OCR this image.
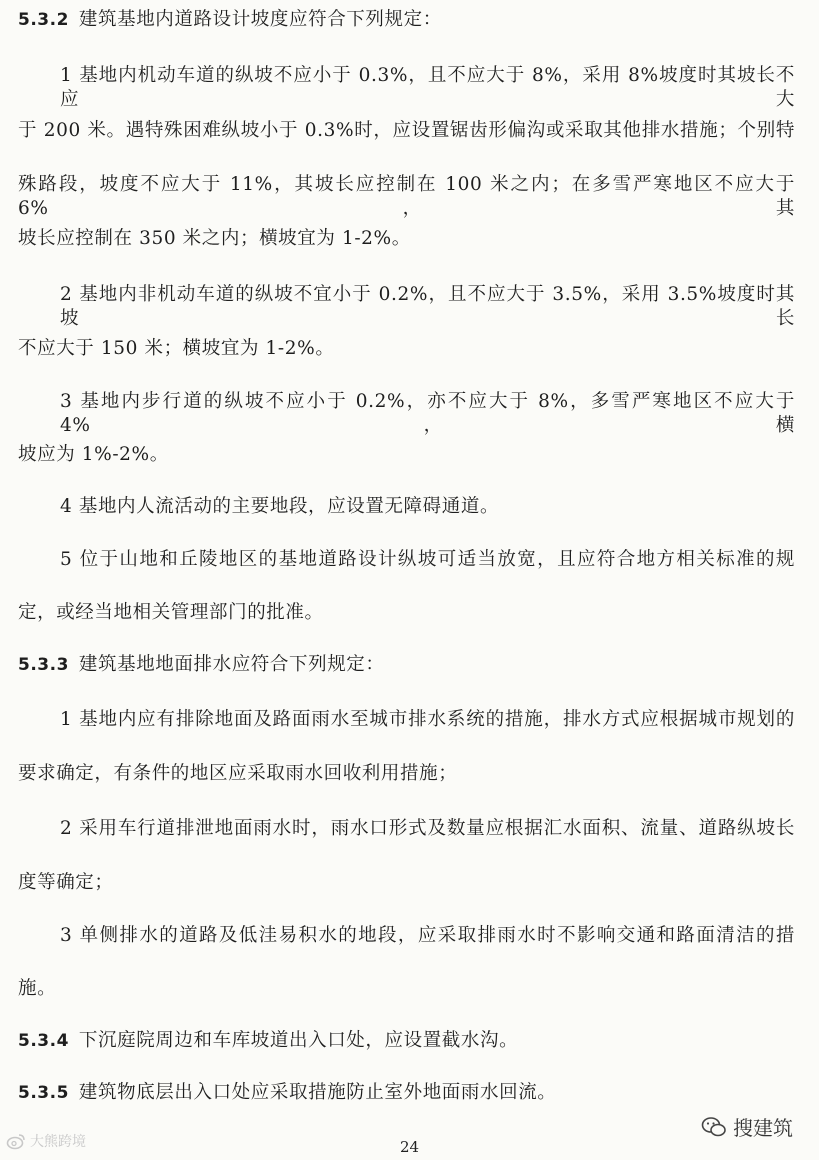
5.3.2 建筑基地内道路设计坡度应符合下列规定：
1 基地内机动车道的纵坡不应小于 0.3%，且不应大于 8%，采用 8%坡度时其坡长不应大
于 200 米。遇特殊困难纵坡小于 0.3%时，应设置锯齿形偏沟或采取其他排水措施；个别特
殊路段，坡度不应大于 11%，其坡长应控制在 100 米之内；在多雪严寒地区不应大于 6%，其
坡长应控制在 350 米之内；横坡宜为 1-2%。
2 基地内非机动车道的纵坡不宜小于 0.2%，且不应大于 3.5%，采用 3.5%坡度时其坡长
不应大于 150 米；横坡宜为 1-2%。
3 基地内步行道的纵坡不应小于 0.2%，亦不应大于 8%，多雪严寒地区不应大于 4%，横
坡应为 1%-2%。
4 基地内人流活动的主要地段，应设置无障碍通道。
5 位于山地和丘陵地区的基地道路设计纵坡可适当放宽，且应符合地方相关标准的规
定，或经当地相关管理部门的批准。
5.3.3 建筑基地地面排水应符合下列规定：
1 基地内应有排除地面及路面雨水至城市排水系统的措施，排水方式应根据城市规划的
要求确定，有条件的地区应采取雨水回收利用措施；
2 采用车行道排泄地面雨水时，雨水口形式及数量应根据汇水面积、流量、道路纵坡长
度等确定；
3 单侧排水的道路及低洼易积水的地段，应采取排雨水时不影响交通和路面清洁的措
施。
5.3.4 下沉庭院周边和车库坡道出入口处，应设置截水沟。
5.3.5 建筑物底层出入口处应采取措施防止室外地面雨水回流。
24
大熊跨境
搜建筑
